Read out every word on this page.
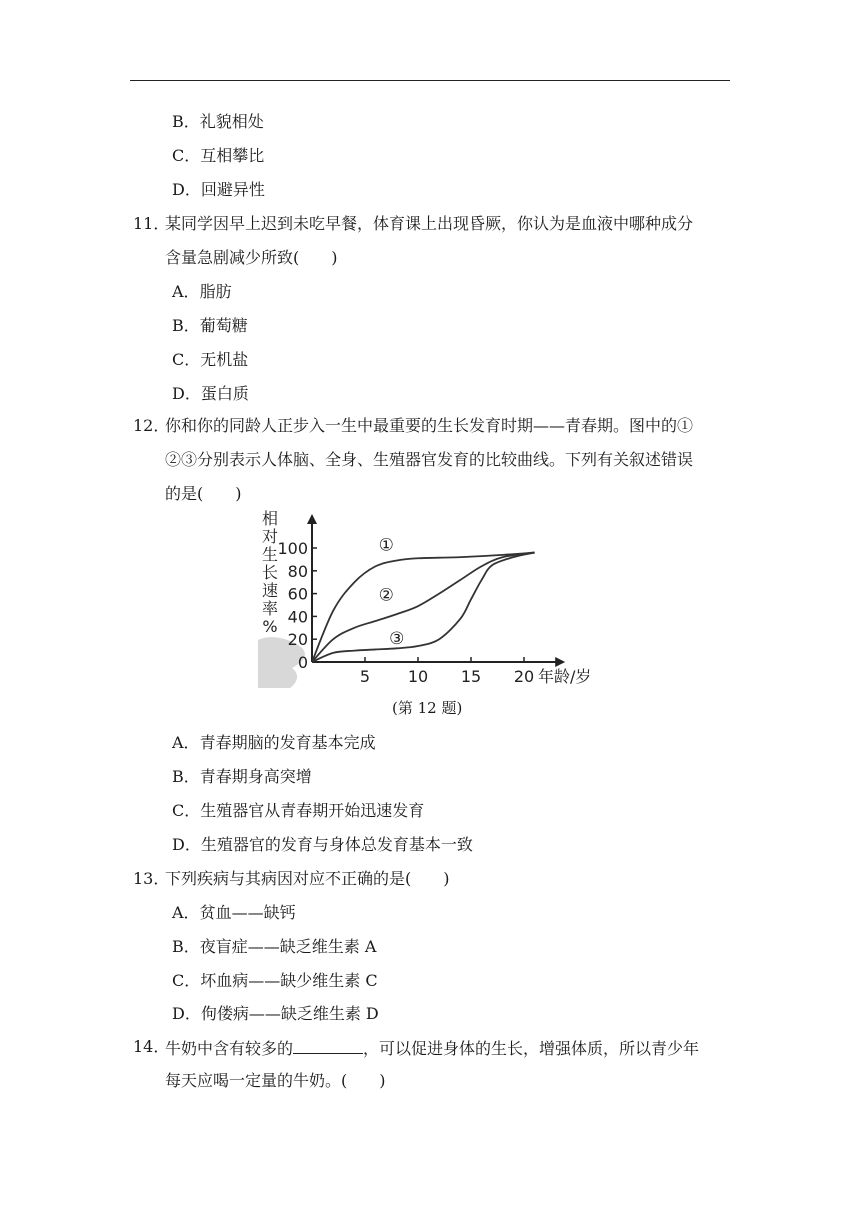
B．礼貌相处
C．互相攀比
D．回避异性
11．
某同学因早上迟到未吃早餐，体育课上出现昏厥，你认为是血液中哪种成分
含量急剧减少所致(　　)
A．脂肪
B．葡萄糖
C．无机盐
D．蛋白质
12．
你和你的同龄人正步入一生中最重要的生长发育时期——青春期。图中的①
②③分别表示人体脑、全身、生殖器官发育的比较曲线。下列有关叙述错误
的是(　　)
5 10 15 20
0
20
40
60
80
100
相对生长速率%
年龄/岁
①
②
③
(第 12 题)
A．青春期脑的发育基本完成
B．青春期身高突增
C．生殖器官从青春期开始迅速发育
D．生殖器官的发育与身体总发育基本一致
13．
下列疾病与其病因对应不正确的是(　　)
A．贫血——缺钙
B．夜盲症——缺乏维生素 A
C．坏血病——缺少维生素 C
D．佝偻病——缺乏维生素 D
14．
牛奶中含有较多的	，可以促进身体的生长，增强体质，所以青少年
每天应喝一定量的牛奶。(　　)
